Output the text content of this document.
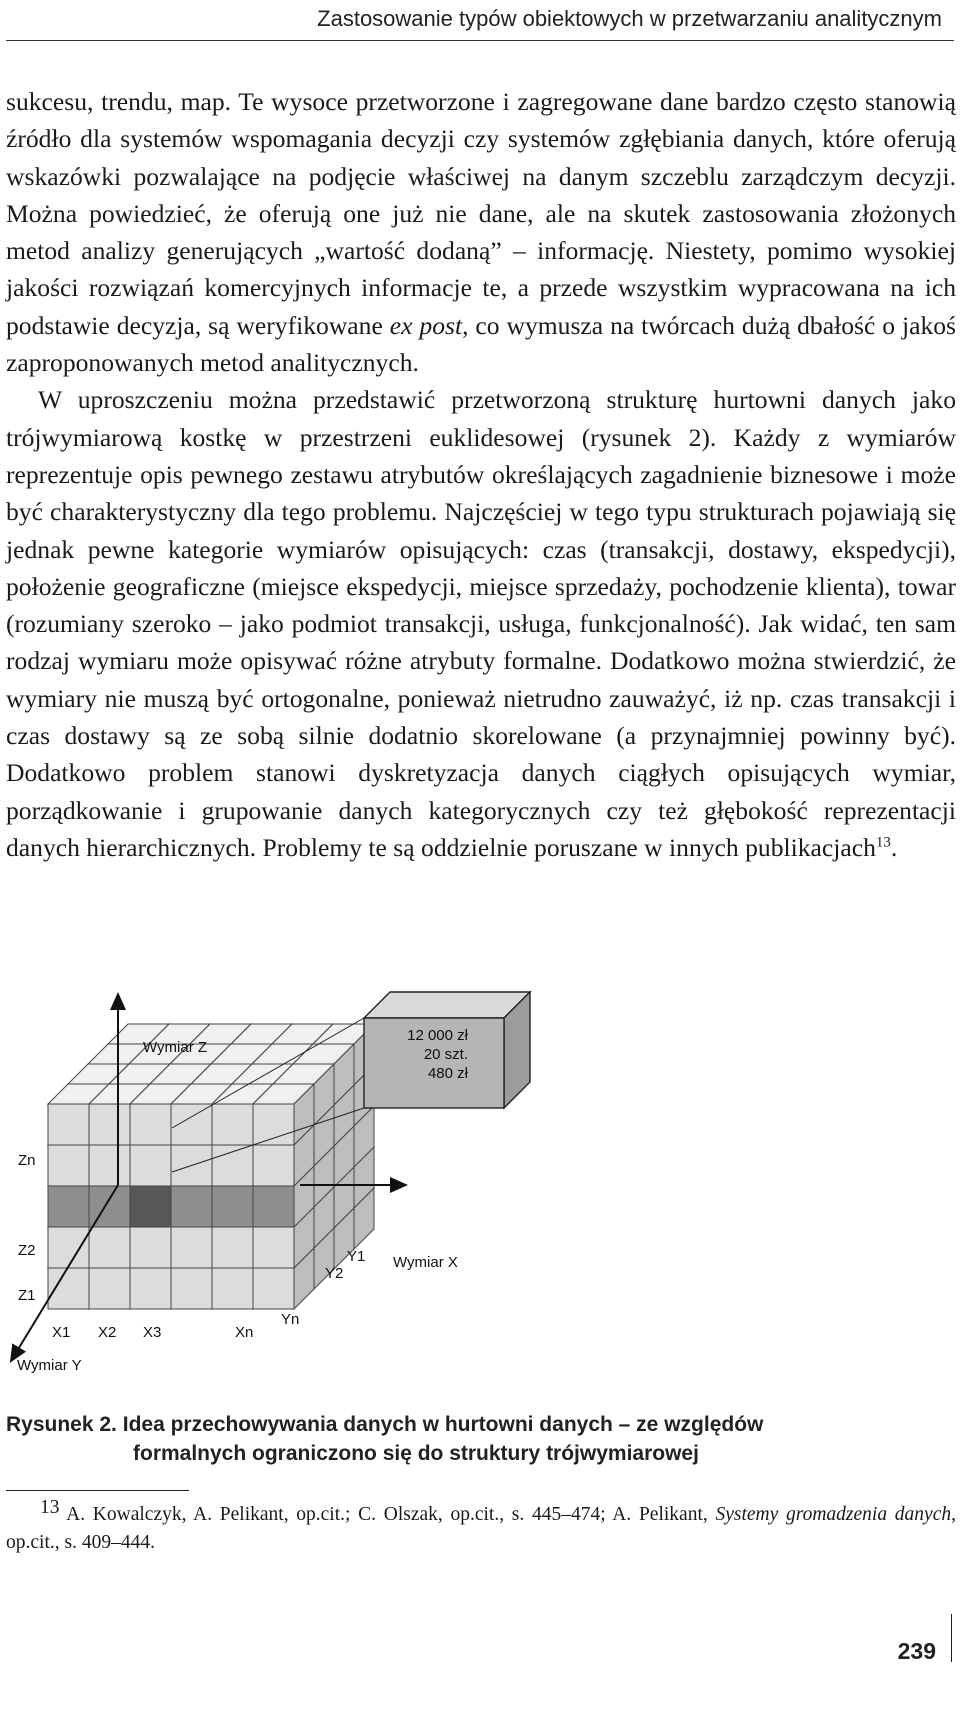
Zastosowanie typów obiektowych w przetwarzaniu analitycznym

sukcesu, trendu, map. Te wysoce przetworzone i zagregowane dane bardzo często stanowią źródło dla systemów wspomagania decyzji czy systemów zgłębiania danych, które oferują wskazówki pozwalające na podjęcie właściwej na danym szczeblu zarządczym decyzji. Można powiedzieć, że oferują one już nie dane, ale na skutek zastosowania złożonych metod analizy generujących „wartość dodaną” – informację. Niestety, pomimo wysokiej jakości rozwiązań komercyjnych informacje te, a przede wszystkim wypracowana na ich podstawie decyzja, są weryfikowane ex post, co wymusza na twórcach dużą dbałość o jakoś zaproponowanych metod analitycznych.

W uproszczeniu można przedstawić przetworzoną strukturę hurtowni danych jako trójwymiarową kostkę w przestrzeni euklidesowej (rysunek 2). Każdy z wymiarów reprezentuje opis pewnego zestawu atrybutów określających zagadnienie biznesowe i może być charakterystyczny dla tego problemu. Najczęściej w tego typu strukturach pojawiają się jednak pewne kategorie wymiarów opisujących: czas (transakcji, dostawy, ekspedycji), położenie geograficzne (miejsce ekspedycji, miejsce sprzedaży, pochodzenie klienta), towar (rozumiany szeroko – jako podmiot transakcji, usługa, funkcjonalność). Jak widać, ten sam rodzaj wymiaru może opisywać różne atrybuty formalne. Dodatkowo można stwierdzić, że wymiary nie muszą być ortogonalne, ponieważ nietrudno zauważyć, iż np. czas transakcji i czas dostawy są ze sobą silnie dodatnio skorelowane (a przynajmniej powinny być). Dodatkowo problem stanowi dyskretyzacja danych ciągłych opisujących wymiar, porządkowanie i grupowanie danych kategorycznych czy też głębokość reprezentacji danych hierarchicznych. Problemy te są oddzielnie poruszane w innych publikacjach$^{13}$.

12 000 zł
20 szt.
480 zł
Wymiar Z
Wymiar X
Wymiar Y
Zn
Z2
Z1
X1 X2 X3	Xn
Y1
Y2
Yn
Rysunek 2. Idea przechowywania danych w hurtowni danych – ze względów
formalnych ograniczono się do struktury trójwymiarowej

$^{13}$ A. Kowalczyk, A. Pelikant, op.cit.; C. Olszak, op.cit., s. 445–474; A. Pelikant, Systemy gromadzenia danych, op.cit., s. 409–444.

239
